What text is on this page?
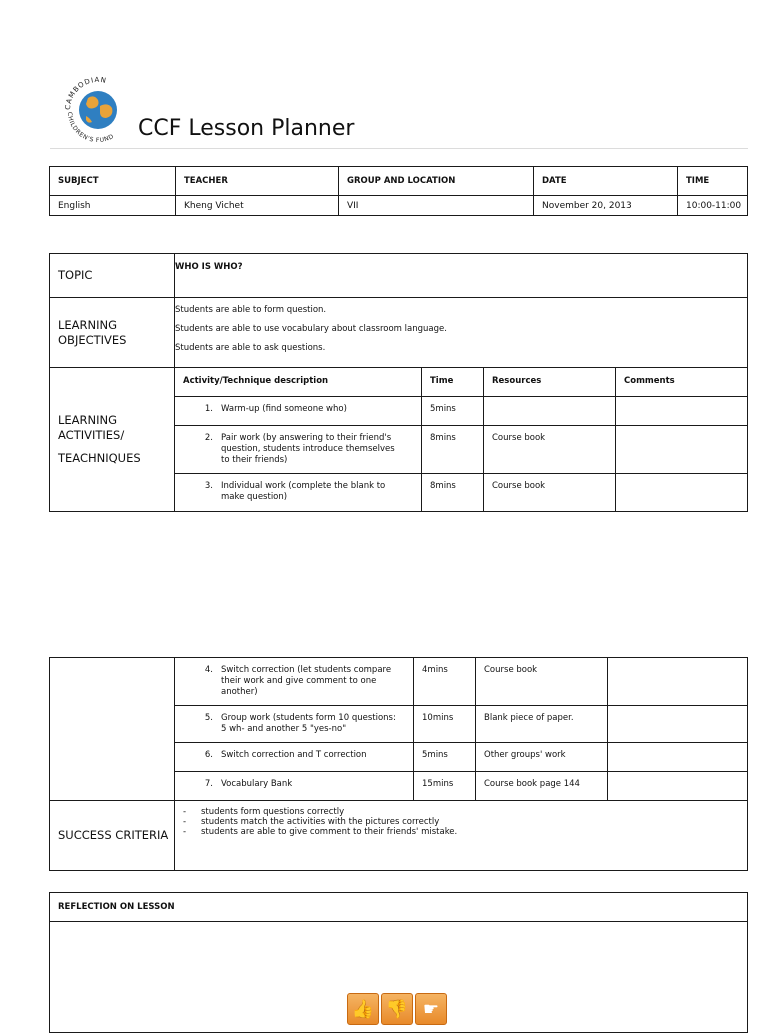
CAMBODIAN
CHILDREN'S FUND CCF Lesson Planner
SUBJECT	TEACHER	GROUP AND LOCATION	DATE	TIME
English	Kheng Vichet	VII	November 20, 2013	10:00-11:00
TOPIC	WHO IS WHO?
LEARNING OBJECTIVES	
Students are able to form question.
Students are able to use vocabulary about classroom language.
Students are able to ask questions.

LEARNING ACTIVITIES/
TEACHNIQUES

Activity/Technique description	Time	Resources	Comments
1. Warm-up (find someone who)	5mins		
2. Pair work (by answering to their friend's question, students introduce themselves to their friends)	8mins	Course book	
3. Individual work (complete the blank to make question)	8mins	Course book	

4. Switch correction (let students compare their work and give comment to one another)	4mins	Course book	
5. Group work (students form 10 questions: 5 wh- and another 5 "yes-no"	10mins	Blank piece of paper.	
6. Switch correction and T correction	5mins	Other groups' work	
7. Vocabulary Bank	15mins	Course book page 144	

SUCCESS CRITERIA	
- students form questions correctly
- students match the activities with the pictures correctly
- students are able to give comment to their friends' mistake.
REFLECTION ON LESSON

👍 👎 ☛
